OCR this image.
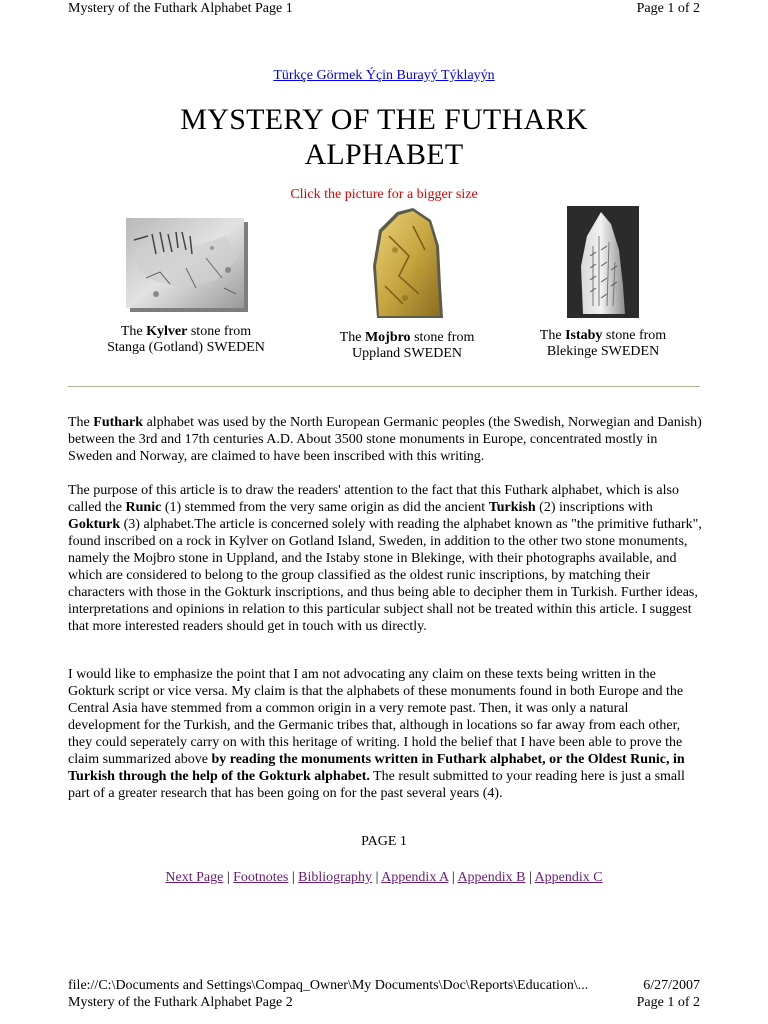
Mystery of the Futhark Alphabet Page 1	Page 1 of 2
Türkçe Görmek Ýçin Burayý Týklayýn
MYSTERY OF THE FUTHARK
ALPHABET
Click the picture for a bigger size
The Kylver stone from
Stanga (Gotland) SWEDEN
The Mojbro stone from
Uppland SWEDEN
The Istaby stone from
Blekinge SWEDEN
The Futhark alphabet was used by the North European Germanic peoples (the Swedish, Norwegian and Danish) between the 3rd and 17th centuries A.D. About 3500 stone monuments in Europe, concentrated mostly in Sweden and Norway, are claimed to have been inscribed with this writing.
The purpose of this article is to draw the readers' attention to the fact that this Futhark alphabet, which is also called the Runic (1) stemmed from the very same origin as did the ancient Turkish (2) inscriptions with Gokturk (3) alphabet.The article is concerned solely with reading the alphabet known as "the primitive futhark", found inscribed on a rock in Kylver on Gotland Island, Sweden, in addition to the other two stone monuments, namely the Mojbro stone in Uppland, and the Istaby stone in Blekinge, with their photographs available, and which are considered to belong to the group classified as the oldest runic inscriptions, by matching their characters with those in the Gokturk inscriptions, and thus being able to decipher them in Turkish. Further ideas, interpretations and opinions in relation to this particular subject shall not be treated within this article. I suggest that more interested readers should get in touch with us directly.
I would like to emphasize the point that I am not advocating any claim on these texts being written in the Gokturk script or vice versa. My claim is that the alphabets of these monuments found in both Europe and the Central Asia have stemmed from a common origin in a very remote past. Then, it was only a natural development for the Turkish, and the Germanic tribes that, although in locations so far away from each other, they could seperately carry on with this heritage of writing. I hold the belief that I have been able to prove the claim summarized above by reading the monuments written in Futhark alphabet, or the Oldest Runic, in Turkish through the help of the Gokturk alphabet. The result submitted to your reading here is just a small part of a greater research that has been going on for the past several years (4).
PAGE 1
Next Page | Footnotes | Bibliography | Appendix A | Appendix B | Appendix C
file://C:\Documents and Settings\Compaq_Owner\My Documents\Doc\Reports\Education\...	6/27/2007
Mystery of the Futhark Alphabet Page 2	Page 1 of 2
